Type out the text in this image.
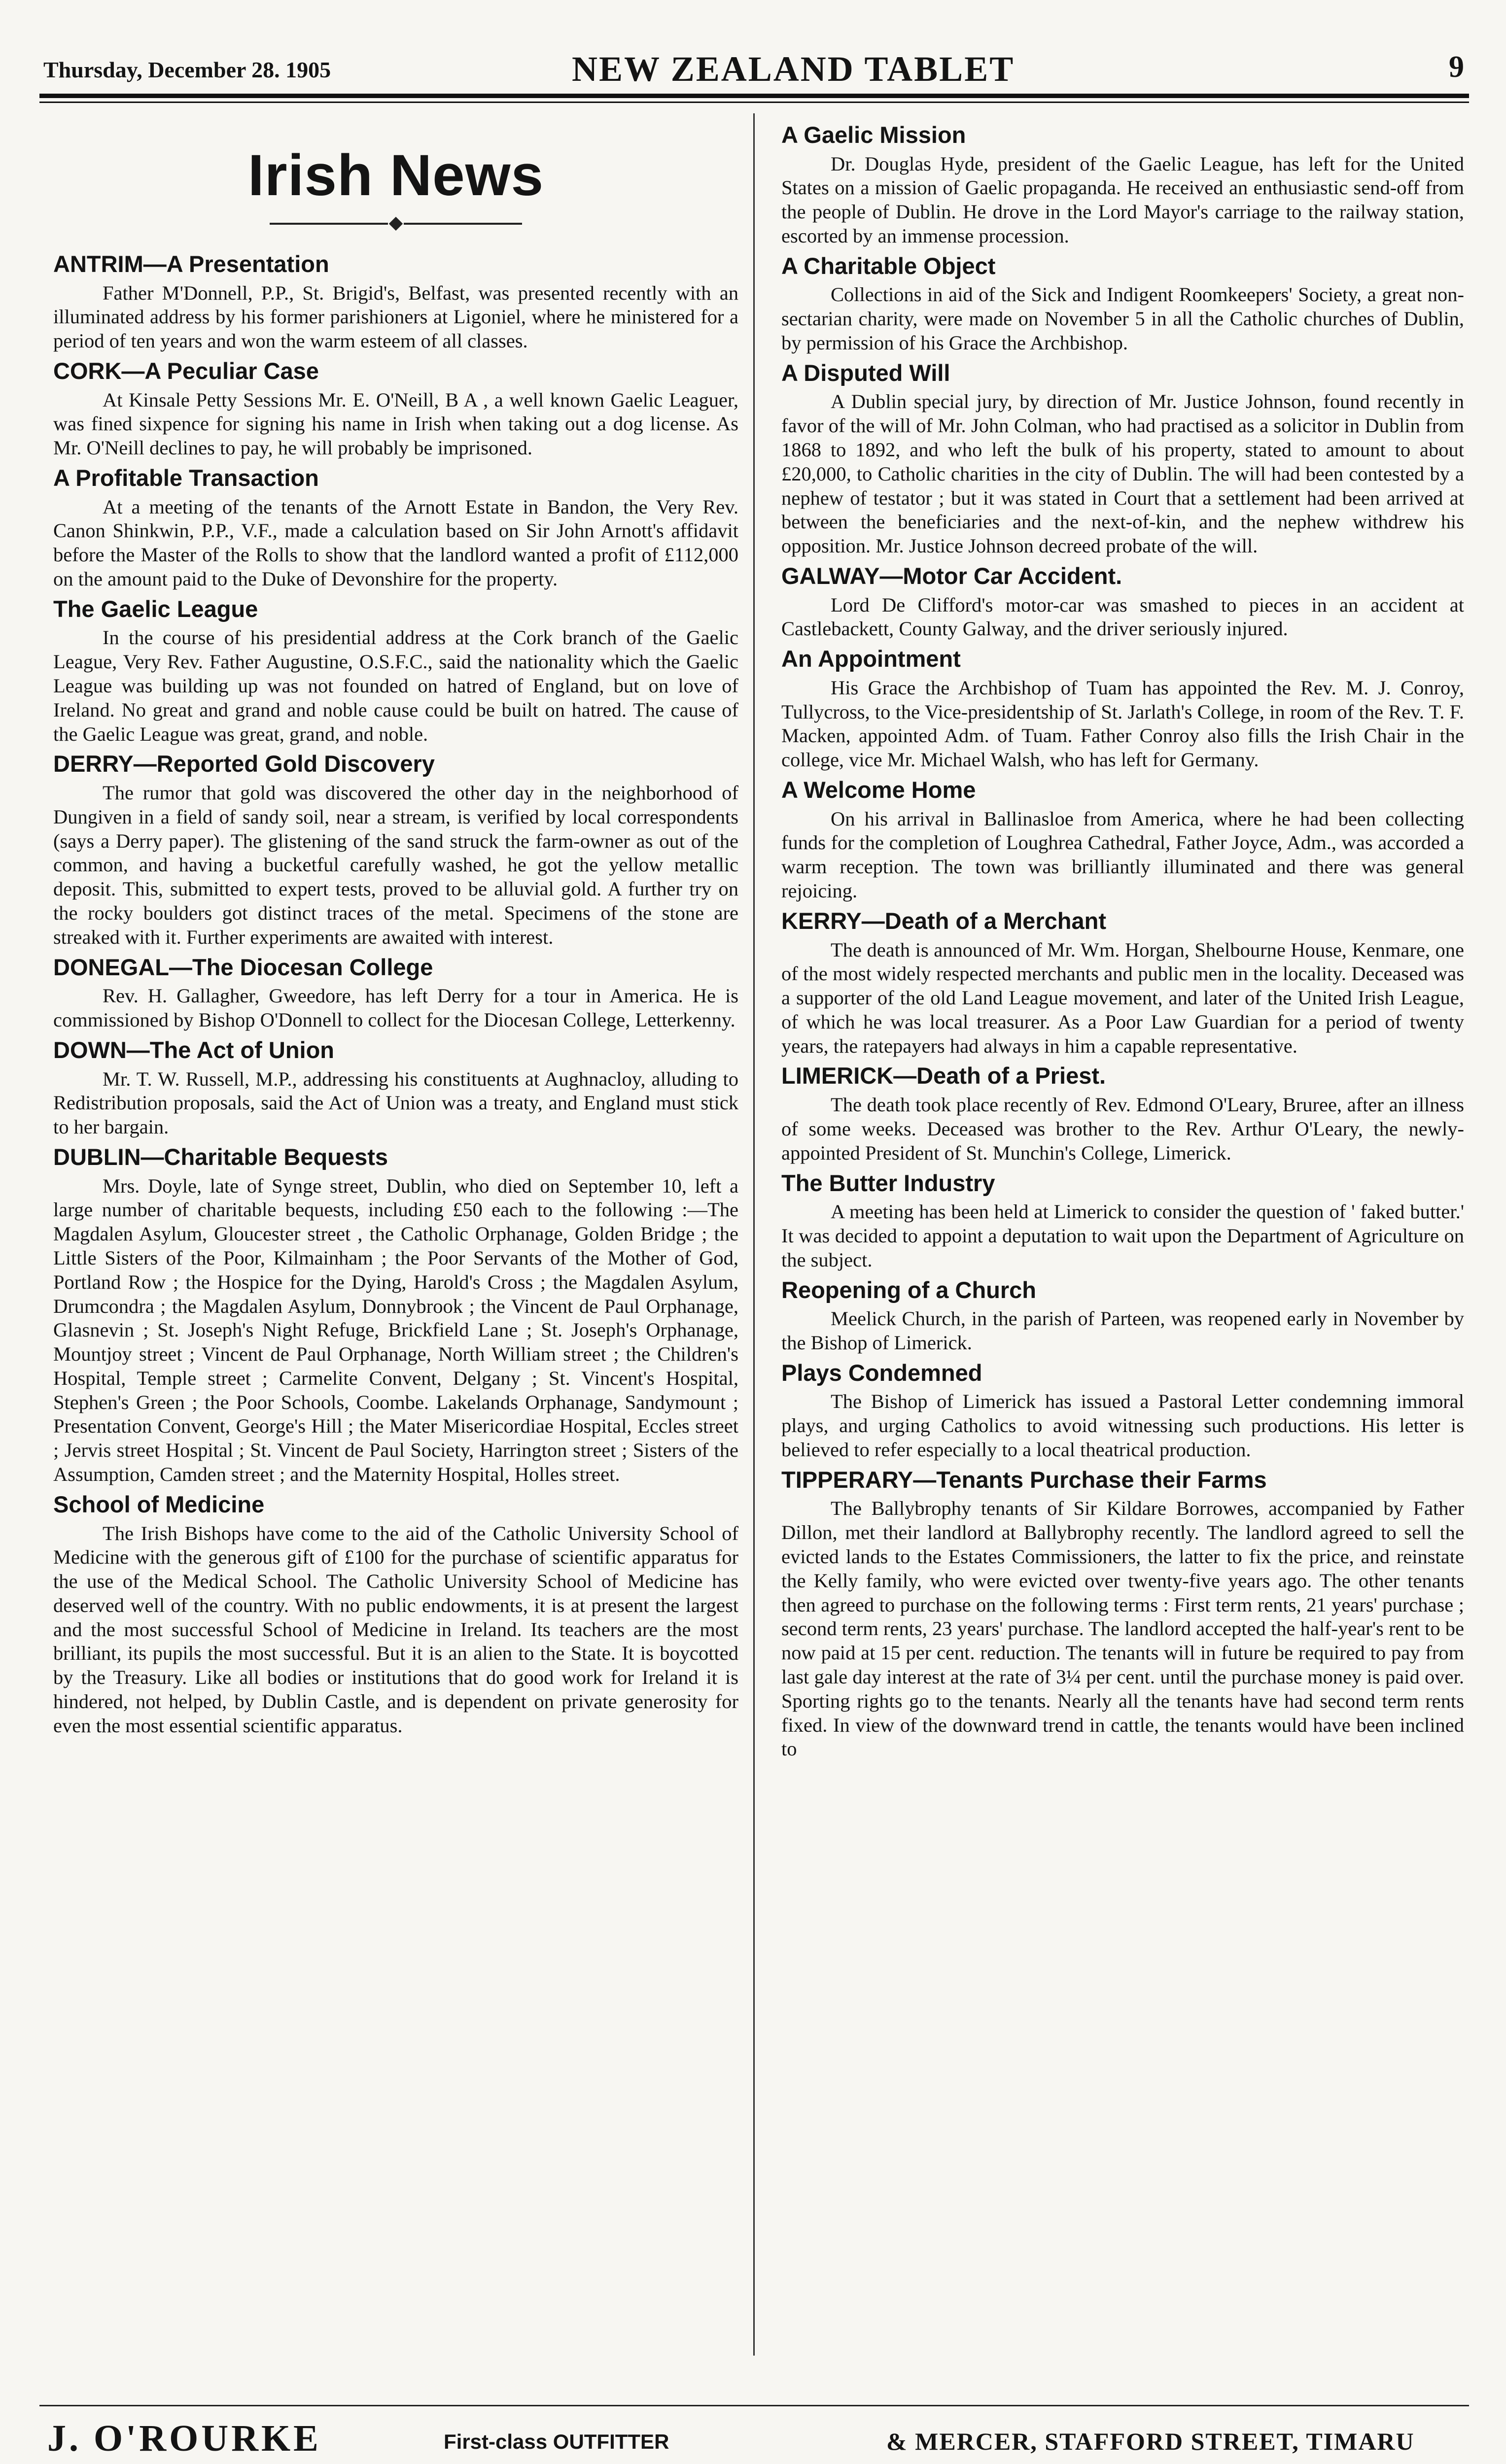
Thursday, December 28. 1905	NEW ZEALAND TABLET	9
Irish News
ANTRIM—A Presentation

Father M'Donnell, P.P., St. Brigid's, Belfast, was presented recently with an illuminated address by his former parishioners at Ligoniel, where he ministered for a period of ten years and won the warm esteem of all classes.

CORK—A Peculiar Case

At Kinsale Petty Sessions Mr. E. O'Neill, B A , a well known Gaelic Leaguer, was fined sixpence for signing his name in Irish when taking out a dog license. As Mr. O'Neill declines to pay, he will probably be imprisoned.

A Profitable Transaction

At a meeting of the tenants of the Arnott Estate in Bandon, the Very Rev. Canon Shinkwin, P.P., V.F., made a calculation based on Sir John Arnott's affidavit before the Master of the Rolls to show that the landlord wanted a profit of £112,000 on the amount paid to the Duke of Devonshire for the property.

The Gaelic League

In the course of his presidential address at the Cork branch of the Gaelic League, Very Rev. Father Augustine, O.S.F.C., said the nationality which the Gaelic League was building up was not founded on hatred of England, but on love of Ireland. No great and grand and noble cause could be built on hatred. The cause of the Gaelic League was great, grand, and noble.

DERRY—Reported Gold Discovery

The rumor that gold was discovered the other day in the neighborhood of Dungiven in a field of sandy soil, near a stream, is verified by local correspondents (says a Derry paper). The glistening of the sand struck the farm-owner as out of the common, and having a bucketful carefully washed, he got the yellow metallic deposit. This, submitted to expert tests, proved to be alluvial gold. A further try on the rocky boulders got distinct traces of the metal. Specimens of the stone are streaked with it. Further experiments are awaited with interest.

DONEGAL—The Diocesan College

Rev. H. Gallagher, Gweedore, has left Derry for a tour in America. He is commissioned by Bishop O'Donnell to collect for the Diocesan College, Letterkenny.

DOWN—The Act of Union

Mr. T. W. Russell, M.P., addressing his constituents at Aughnacloy, alluding to Redistribution proposals, said the Act of Union was a treaty, and England must stick to her bargain.

DUBLIN—Charitable Bequests

Mrs. Doyle, late of Synge street, Dublin, who died on September 10, left a large number of charitable bequests, including £50 each to the following :—The Magdalen Asylum, Gloucester street , the Catholic Orphanage, Golden Bridge ; the Little Sisters of the Poor, Kilmainham ; the Poor Servants of the Mother of God, Portland Row ; the Hospice for the Dying, Harold's Cross ; the Magdalen Asylum, Drumcondra ; the Magdalen Asylum, Donnybrook ; the Vincent de Paul Orphanage, Glasnevin ; St. Joseph's Night Refuge, Brickfield Lane ; St. Joseph's Orphanage, Mountjoy street ; Vincent de Paul Orphanage, North William street ; the Children's Hospital, Temple street ; Carmelite Convent, Delgany ; St. Vincent's Hospital, Stephen's Green ; the Poor Schools, Coombe. Lakelands Orphanage, Sandymount ; Presentation Convent, George's Hill ; the Mater Misericordiae Hospital, Eccles street ; Jervis street Hospital ; St. Vincent de Paul Society, Harrington street ; Sisters of the Assumption, Camden street ; and the Maternity Hospital, Holles street.

School of Medicine

The Irish Bishops have come to the aid of the Catholic University School of Medicine with the generous gift of £100 for the purchase of scientific apparatus for the use of the Medical School. The Catholic University School of Medicine has deserved well of the country. With no public endowments, it is at present the largest and the most successful School of Medicine in Ireland. Its teachers are the most brilliant, its pupils the most successful. But it is an alien to the State. It is boycotted by the Treasury. Like all bodies or institutions that do good work for Ireland it is hindered, not helped, by Dublin Castle, and is dependent on private generosity for even the most essential scientific apparatus.

A Gaelic Mission

Dr. Douglas Hyde, president of the Gaelic League, has left for the United States on a mission of Gaelic propaganda. He received an enthusiastic send-off from the people of Dublin. He drove in the Lord Mayor's carriage to the railway station, escorted by an immense procession.

A Charitable Object

Collections in aid of the Sick and Indigent Roomkeepers' Society, a great non-sectarian charity, were made on November 5 in all the Catholic churches of Dublin, by permission of his Grace the Archbishop.

A Disputed Will

A Dublin special jury, by direction of Mr. Justice Johnson, found recently in favor of the will of Mr. John Colman, who had practised as a solicitor in Dublin from 1868 to 1892, and who left the bulk of his property, stated to amount to about £20,000, to Catholic charities in the city of Dublin. The will had been contested by a nephew of testator ; but it was stated in Court that a settlement had been arrived at between the beneficiaries and the next-of-kin, and the nephew withdrew his opposition. Mr. Justice Johnson decreed probate of the will.

GALWAY—Motor Car Accident.

Lord De Clifford's motor-car was smashed to pieces in an accident at Castlebackett, County Galway, and the driver seriously injured.

An Appointment

His Grace the Archbishop of Tuam has appointed the Rev. M. J. Conroy, Tullycross, to the Vice-presidentship of St. Jarlath's College, in room of the Rev. T. F. Macken, appointed Adm. of Tuam. Father Conroy also fills the Irish Chair in the college, vice Mr. Michael Walsh, who has left for Germany.

A Welcome Home

On his arrival in Ballinasloe from America, where he had been collecting funds for the completion of Loughrea Cathedral, Father Joyce, Adm., was accorded a warm reception. The town was brilliantly illuminated and there was general rejoicing.

KERRY—Death of a Merchant

The death is announced of Mr. Wm. Horgan, Shelbourne House, Kenmare, one of the most widely respected merchants and public men in the locality. Deceased was a supporter of the old Land League movement, and later of the United Irish League, of which he was local treasurer. As a Poor Law Guardian for a period of twenty years, the ratepayers had always in him a capable representative.

LIMERICK—Death of a Priest.

The death took place recently of Rev. Edmond O'Leary, Bruree, after an illness of some weeks. Deceased was brother to the Rev. Arthur O'Leary, the newly-appointed President of St. Munchin's College, Limerick.

The Butter Industry

A meeting has been held at Limerick to consider the question of ' faked butter.' It was decided to appoint a deputation to wait upon the Department of Agriculture on the subject.

Reopening of a Church

Meelick Church, in the parish of Parteen, was reopened early in November by the Bishop of Limerick.

Plays Condemned

The Bishop of Limerick has issued a Pastoral Letter condemning immoral plays, and urging Catholics to avoid witnessing such productions. His letter is believed to refer especially to a local theatrical production.

TIPPERARY—Tenants Purchase their Farms

The Ballybrophy tenants of Sir Kildare Borrowes, accompanied by Father Dillon, met their landlord at Ballybrophy recently. The landlord agreed to sell the evicted lands to the Estates Commissioners, the latter to fix the price, and reinstate the Kelly family, who were evicted over twenty-five years ago. The other tenants then agreed to purchase on the following terms : First term rents, 21 years' purchase ; second term rents, 23 years' purchase. The landlord accepted the half-year's rent to be now paid at 15 per cent. reduction. The tenants will in future be required to pay from last gale day interest at the rate of 3¼ per cent. until the purchase money is paid over. Sporting rights go to the tenants. Nearly all the tenants have had second term rents fixed. In view of the downward trend in cattle, the tenants would have been inclined to

J. O'ROURKE	First-class OUTFITTER	& MERCER, STAFFORD STREET, TIMARU
